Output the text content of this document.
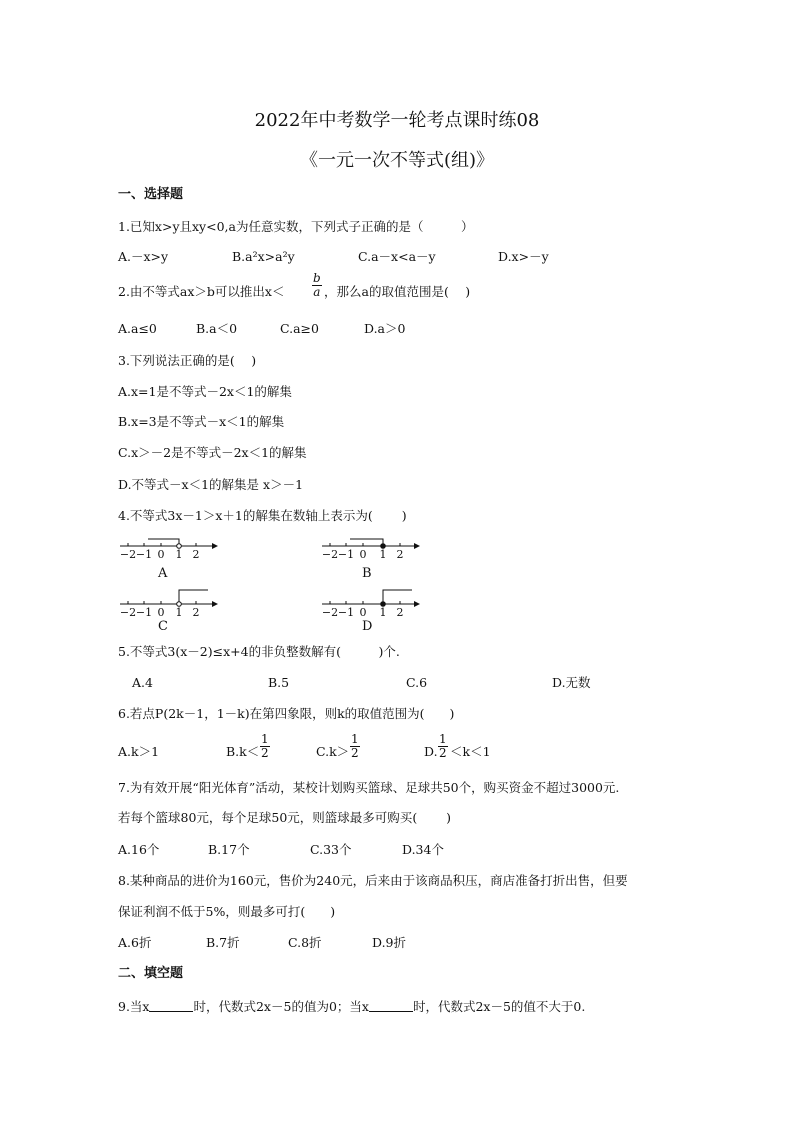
2022年中考数学一轮考点课时练08
《一元一次不等式(组)》
一、选择题
1.已知x>y且xy<0,a为任意实数，下列式子正确的是（　　　）
A.－x>y	B.a²x>a²y	C.a－x<a－y	D.x>－y
2.由不等式ax＞b可以推出x＜
b
a ，那么a的取值范围是(　 )
A.a≤0	B.a＜0	C.a≥0	D.a＞0
3.下列说法正确的是(　 )
A.x=1是不等式－2x＜1的解集
B.x=3是不等式－x＜1的解集
C.x＞－2是不等式－2x＜1的解集
D.不等式－x＜1的解集是 x＞－1
4.不等式3x－1＞x＋1的解集在数轴上表示为(　　 )
−2 −1 0 1 2
A
−2 −1 0 1 2
B
−2 −1 0 1 2
C
−2 −1 0 1 2
D
5.不等式3(x－2)≤x+4的非负整数解有(　　　)个.
A.4	B.5	C.6	D.无数
6.若点P(2k－1，1－k)在第四象限，则k的取值范围为(　　)
A.k＞1	B.k＜
1
2	C.k＞
1
2	D.
1
2 ＜k＜1
7.为有效开展“阳光体育”活动，某校计划购买篮球、足球共50个，购买资金不超过3000元.
若每个篮球80元，每个足球50元，则篮球最多可购买(　　 )
A.16个	B.17个	C.33个	D.34个
8.某种商品的进价为160元，售价为240元，后来由于该商品积压，商店准备打折出售，但要
保证利润不低于5%，则最多可打(　　)
A.6折	B.7折	C.8折	D.9折
二、填空题
9.当x	时，代数式2x－5的值为0；当x	时，代数式2x－5的值不大于0.
